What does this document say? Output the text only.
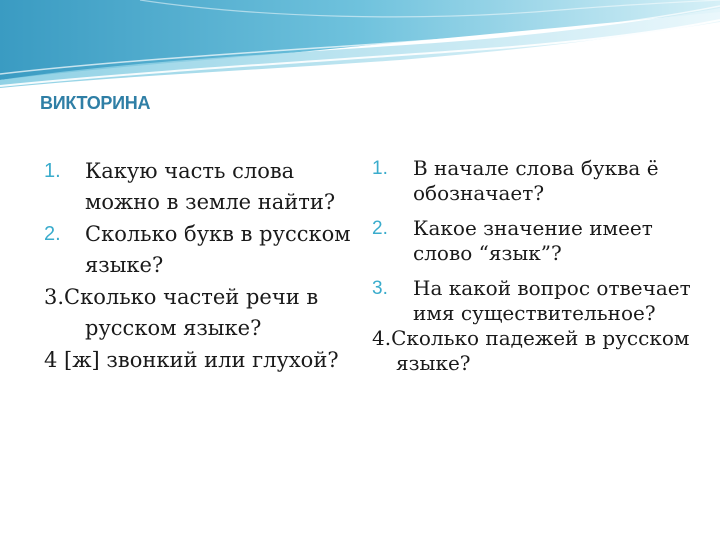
ВИКТОРИНА
1. Какую часть слова можно в земле найти?
2. Сколько букв в русском языке?
3.Сколько частей речи в русском языке?
4 [ж] звонкий или глухой?
1. В начале слова буква ё обозначает?
2. Какое значение имеет слово “язык”?
3. На какой вопрос отвечает имя существительное?
4.Сколько падежей в русском языке?
